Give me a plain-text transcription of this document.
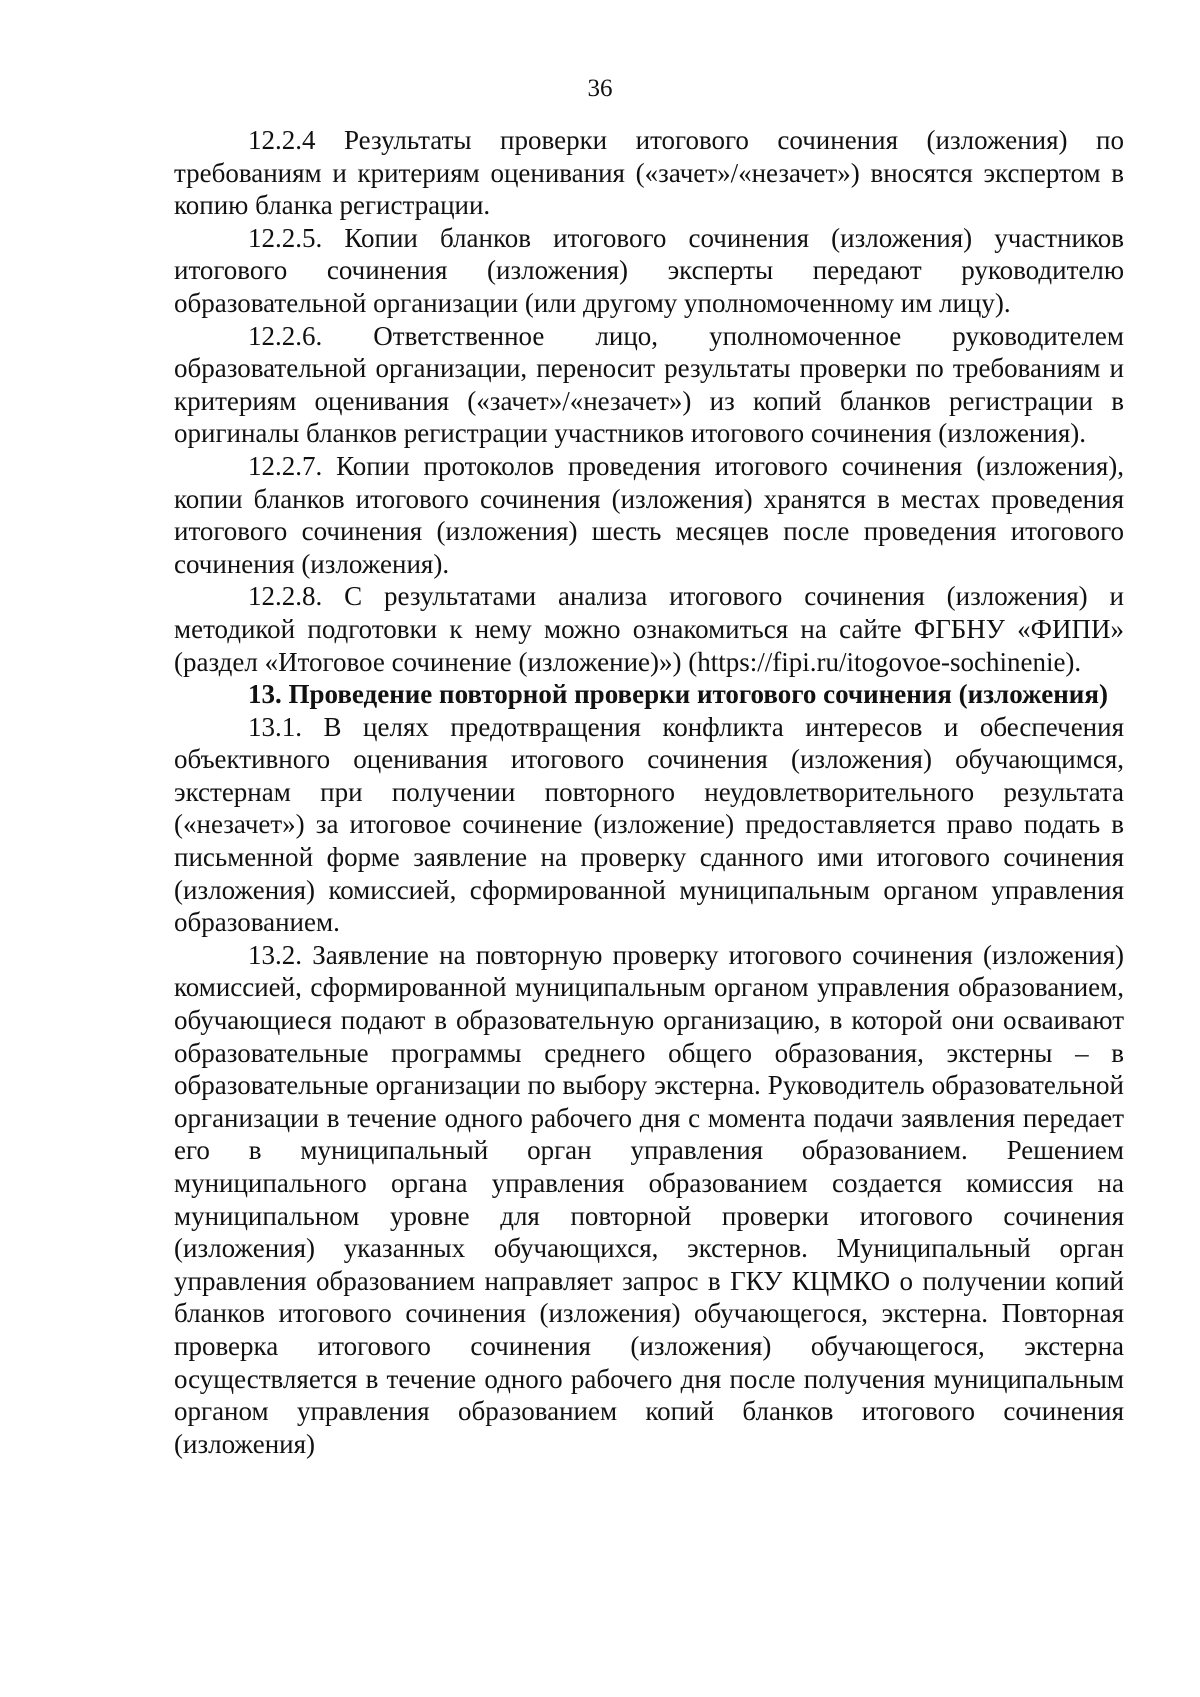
36

12.2.4 Результаты проверки итогового сочинения (изложения) по требованиям и критериям оценивания («зачет»/«незачет») вносятся экспертом в копию бланка регистрации.

12.2.5. Копии бланков итогового сочинения (изложения) участников итогового сочинения (изложения) эксперты передают руководителю образовательной организации (или другому уполномоченному им лицу).

12.2.6. Ответственное лицо, уполномоченное руководителем образовательной организации, переносит результаты проверки по требованиям и критериям оценивания («зачет»/«незачет») из копий бланков регистрации в оригиналы бланков регистрации участников итогового сочинения (изложения).

12.2.7. Копии протоколов проведения итогового сочинения (изложения), копии бланков итогового сочинения (изложения) хранятся в местах проведения итогового сочинения (изложения) шесть месяцев после проведения итогового сочинения (изложения).

12.2.8. С результатами анализа итогового сочинения (изложения) и методикой подготовки к нему можно ознакомиться на сайте ФГБНУ «ФИПИ» (раздел «Итоговое сочинение (изложение)») (https://fipi.ru/itogovoe-sochinenie).

13. Проведение повторной проверки итогового сочинения (изложения)

13.1. В целях предотвращения конфликта интересов и обеспечения объективного оценивания итогового сочинения (изложения) обучающимся, экстернам при получении повторного неудовлетворительного результата («незачет») за итоговое сочинение (изложение) предоставляется право подать в письменной форме заявление на проверку сданного ими итогового сочинения (изложения) комиссией, сформированной муниципальным органом управления образованием.

13.2. Заявление на повторную проверку итогового сочинения (изложения) комиссией, сформированной муниципальным органом управления образованием, обучающиеся подают в образовательную организацию, в которой они осваивают образовательные программы среднего общего образования, экстерны – в образовательные организации по выбору экстерна. Руководитель образовательной организации в течение одного рабочего дня с момента подачи заявления передает его в муниципальный орган управления образованием. Решением муниципального органа управления образованием создается комиссия на муниципальном уровне для повторной проверки итогового сочинения (изложения) указанных обучающихся, экстернов. Муниципальный орган управления образованием направляет запрос в ГКУ КЦМКО о получении копий бланков итогового сочинения (изложения) обучающегося, экстерна. Повторная проверка итогового сочинения (изложения) обучающегося, экстерна осуществляется в течение одного рабочего дня после получения муниципальным органом управления образованием копий бланков итогового сочинения (изложения)
